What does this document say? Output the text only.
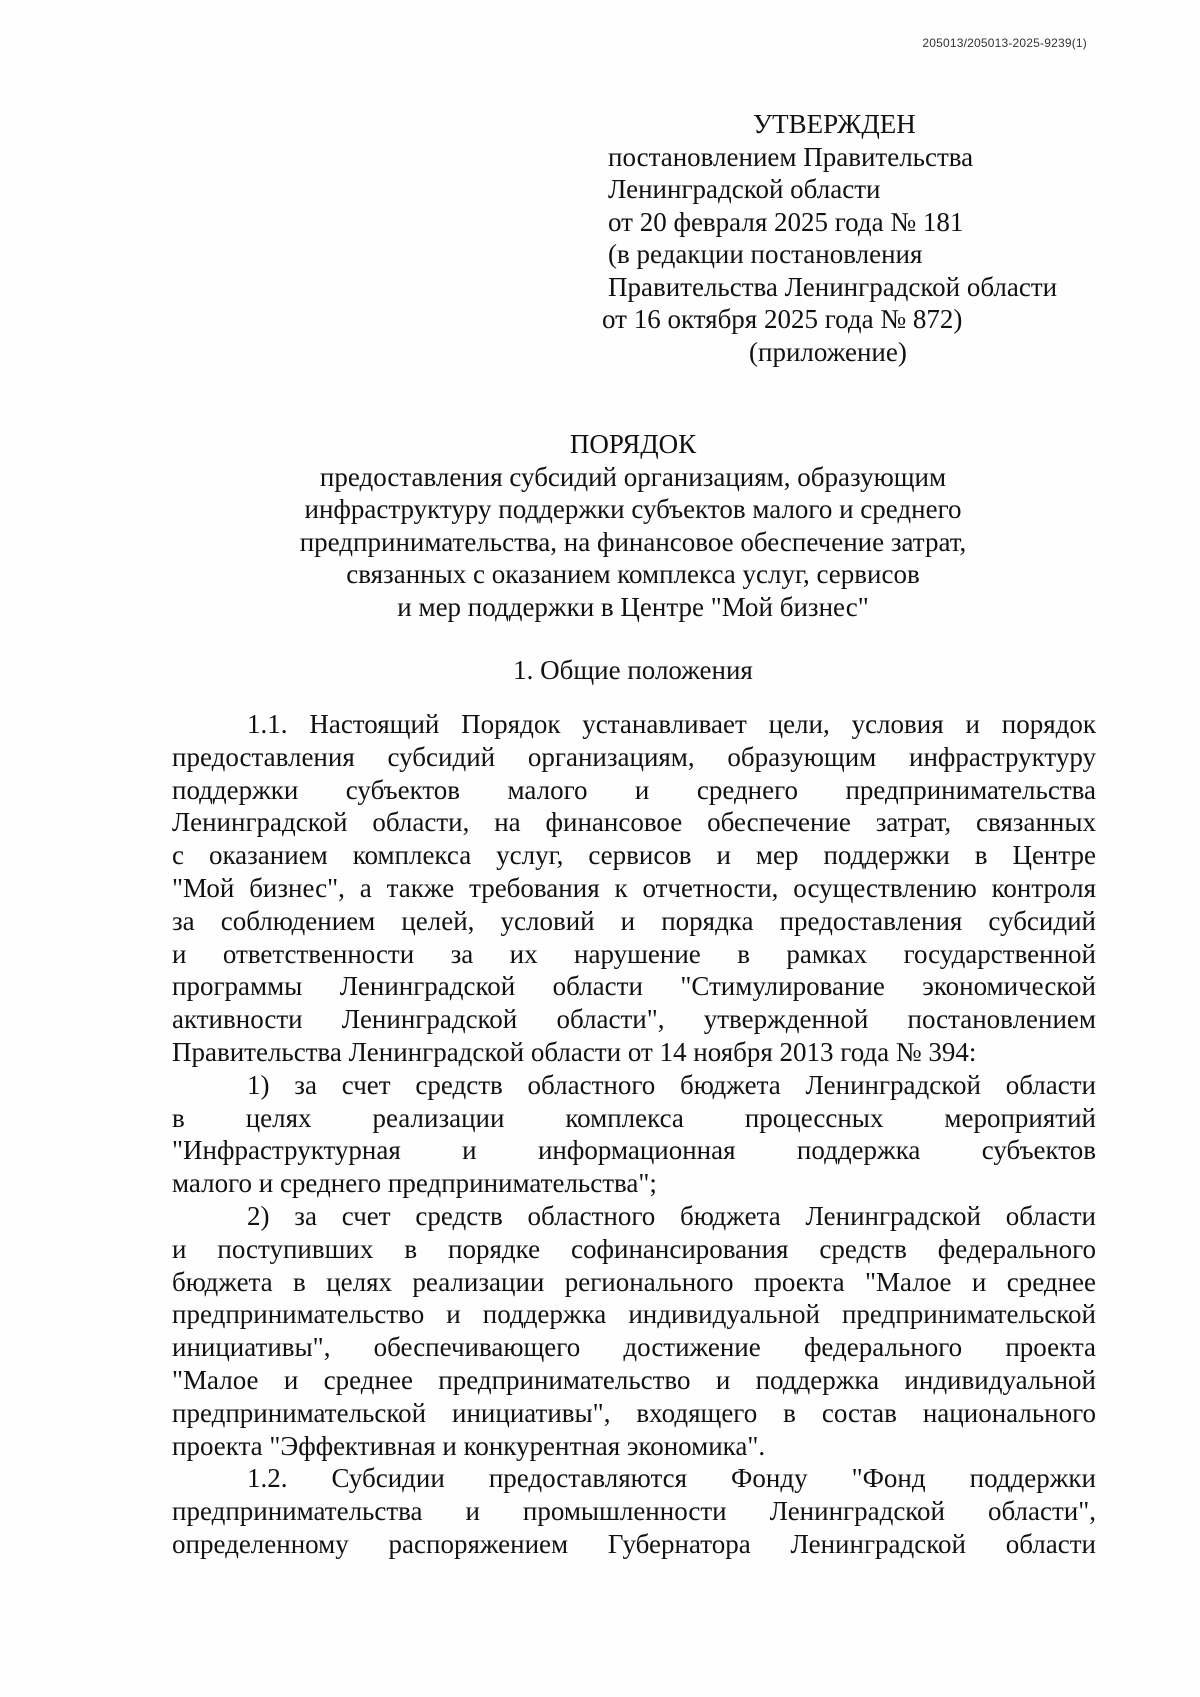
205013/205013-2025-9239(1)
УТВЕРЖДЕН
постановлением Правительства
Ленинградской области
от 20 февраля 2025 года № 181
(в редакции постановления
Правительства Ленинградской области
от 16 октября 2025 года № 872)
(приложение)
ПОРЯДОК
предоставления субсидий организациям, образующим
инфраструктуру поддержки субъектов малого и среднего
предпринимательства, на финансовое обеспечение затрат,
связанных с оказанием комплекса услуг, сервисов
и мер поддержки в Центре "Мой бизнес"
1. Общие положения
1.1. Настоящий Порядок устанавливает цели, условия и порядок
предоставления субсидий организациям, образующим инфраструктуру
поддержки субъектов малого и среднего предпринимательства
Ленинградской области, на финансовое обеспечение затрат, связанных
с оказанием комплекса услуг, сервисов и мер поддержки в Центре
"Мой бизнес", а также требования к отчетности, осуществлению контроля
за соблюдением целей, условий и порядка предоставления субсидий
и ответственности за их нарушение в рамках государственной
программы Ленинградской области "Стимулирование экономической
активности Ленинградской области", утвержденной постановлением
Правительства Ленинградской области от 14 ноября 2013 года № 394:
1) за счет средств областного бюджета Ленинградской области
в целях реализации комплекса процессных мероприятий
"Инфраструктурная и информационная поддержка субъектов
малого и среднего предпринимательства";
2) за счет средств областного бюджета Ленинградской области
и поступивших в порядке софинансирования средств федерального
бюджета в целях реализации регионального проекта "Малое и среднее
предпринимательство и поддержка индивидуальной предпринимательской
инициативы", обеспечивающего достижение федерального проекта
"Малое и среднее предпринимательство и поддержка индивидуальной
предпринимательской инициативы", входящего в состав национального
проекта "Эффективная и конкурентная экономика".
1.2. Субсидии предоставляются Фонду "Фонд поддержки
предпринимательства и промышленности Ленинградской области",
определенному распоряжением Губернатора Ленинградской области
